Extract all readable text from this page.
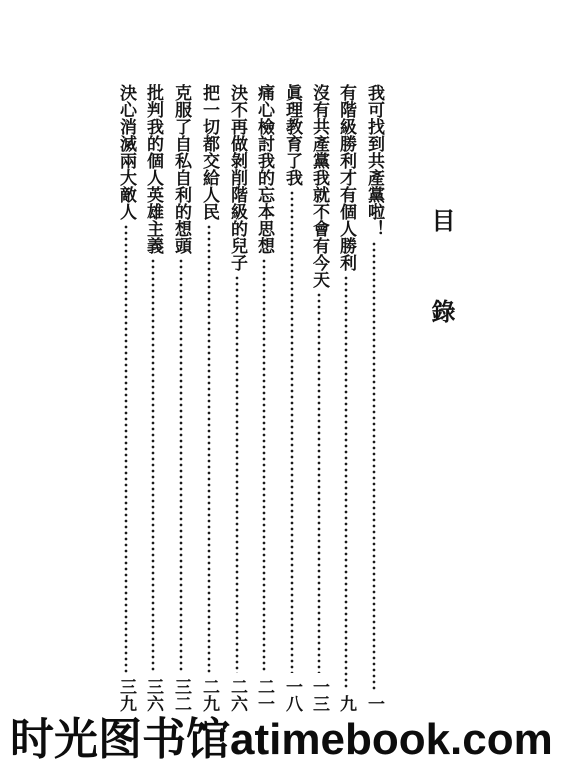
目錄
我可找到共產黨啦！
一
有階級勝利才有個人勝利
九
沒有共產黨我就不會有今天
一三
眞理教育了我
一八
痛心檢討我的忘本思想
二一
決不再做剝削階級的兒子
二六
把一切都交給人民
二九
克服了自私自利的想頭
三二
批判我的個人英雄主義
三六
決心消滅兩大敵人
三九
时光图书馆atimebook.com
